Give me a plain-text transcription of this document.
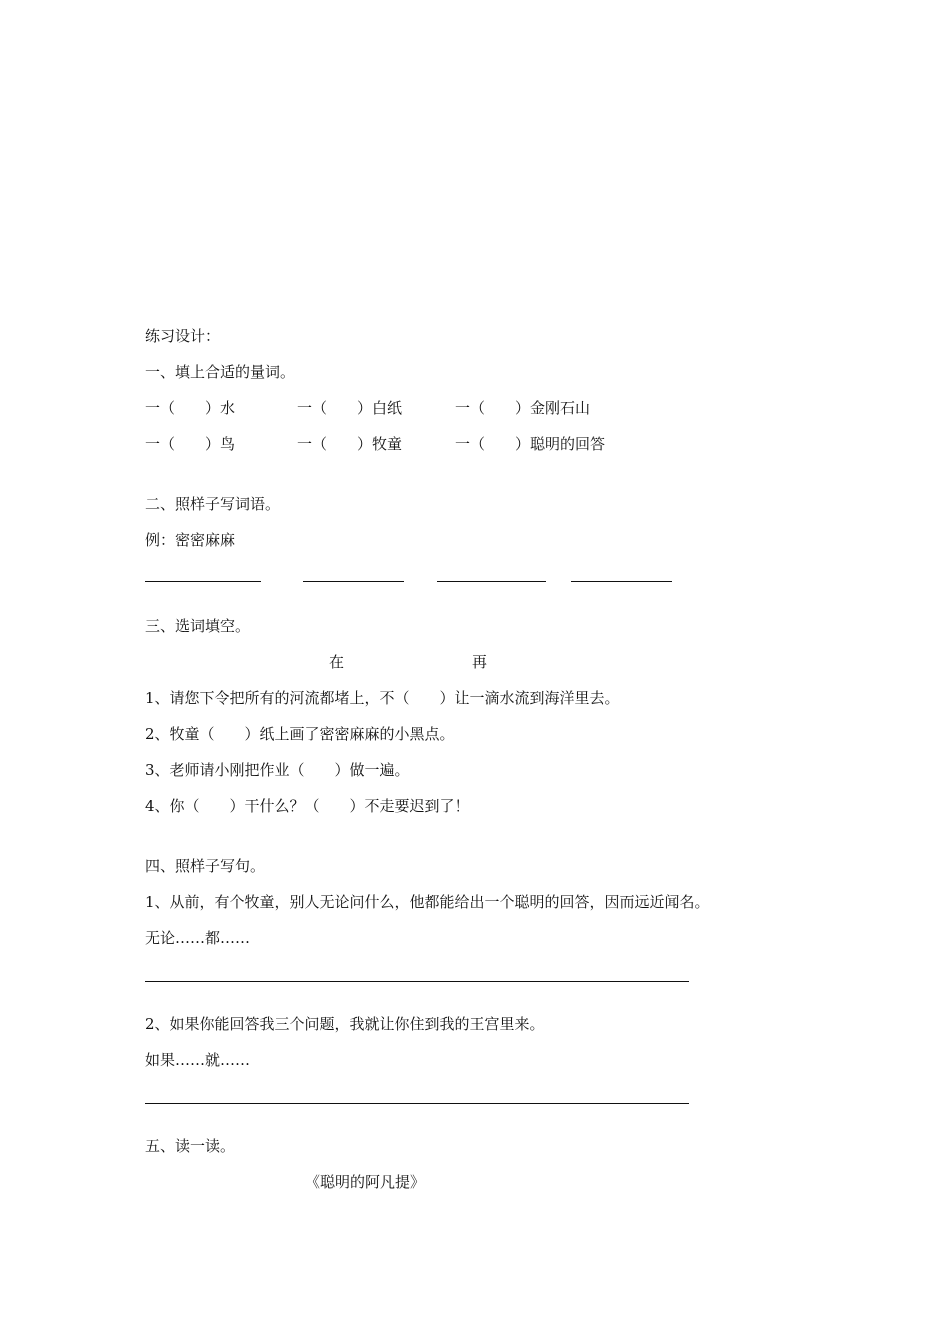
练习设计：
一、填上合适的量词。
一（　　）水	一（　　）白纸	一（　　）金刚石山
一（　　）鸟	一（　　）牧童	一（　　）聪明的回答
二、照样子写词语。
例：密密麻麻
三、选词填空。
在	再
1、请您下令把所有的河流都堵上，不（　　）让一滴水流到海洋里去。
2、牧童（　　）纸上画了密密麻麻的小黑点。
3、老师请小刚把作业（　　）做一遍。
4、你（　　）干什么？（　　）不走要迟到了！
四、照样子写句。
1、从前，有个牧童，别人无论问什么，他都能给出一个聪明的回答，因而远近闻名。
无论……都……
2、如果你能回答我三个问题，我就让你住到我的王宫里来。
如果……就……
五、读一读。
《聪明的阿凡提》
